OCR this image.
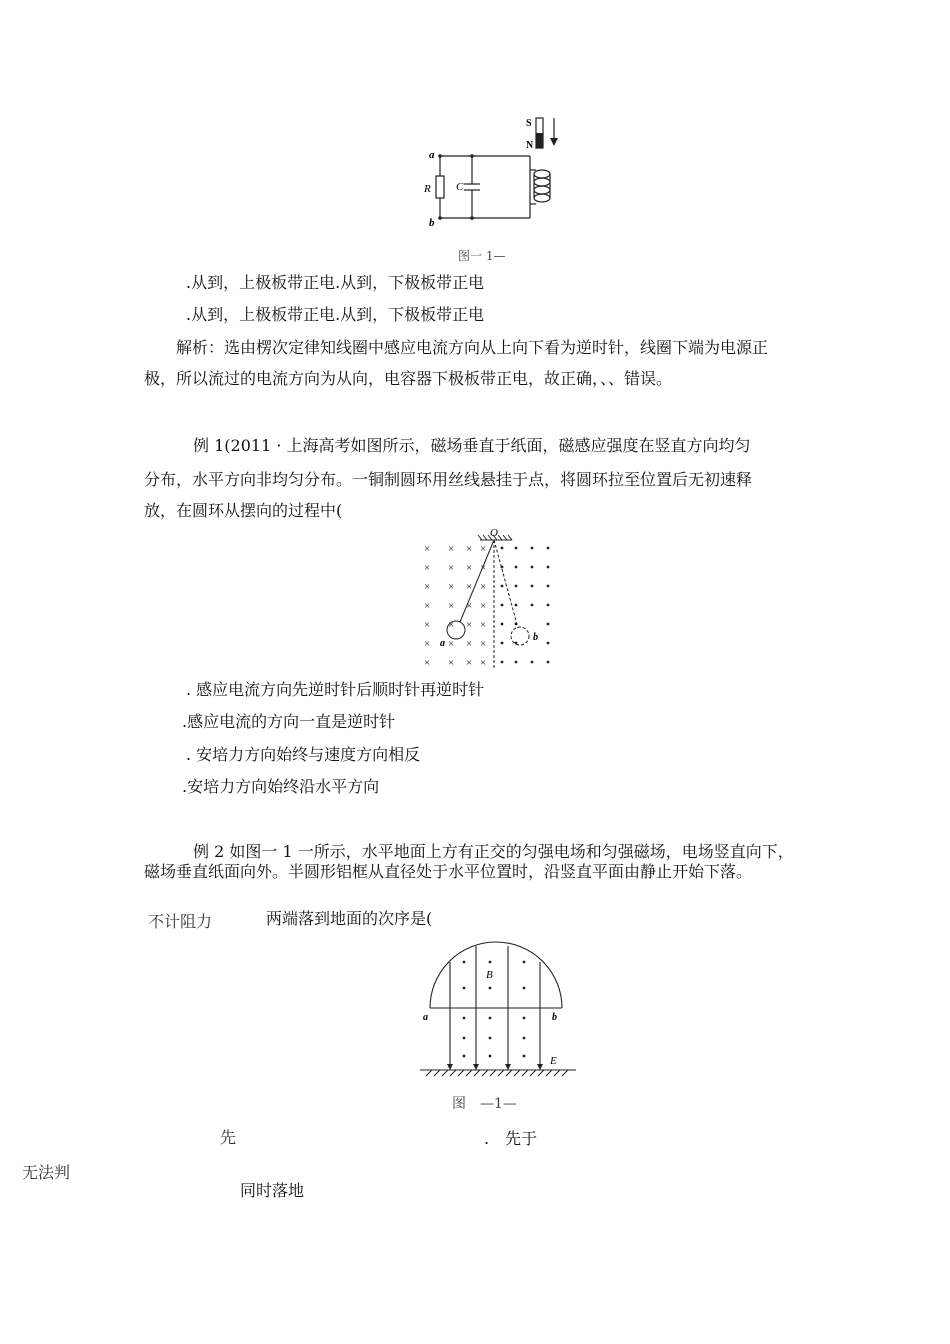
a
b
R C
S
N
图一 1—
.从到，上极板带正电.从到，下极板带正电
.从到，上极板带正电.从到，下极板带正电
解析：选由楞次定律知线圈中感应电流方向从上向下看为逆时针，线圈下端为电源正
极，所以流过的电流方向为从向，电容器下极板带正电，故正确，、、错误。
例 1(2011 · 上海高考如图所示，磁场垂直于纸面，磁感应强度在竖直方向均匀
分布，水平方向非均匀分布。一铜制圆环用丝线悬挂于点，将圆环拉至位置后无初速释
放，在圆环从摆向的过程中(
× × × ×
× × × ×
× × × ×
× × × ×
× × × ×
× × × ×
× × × ×
O
a
b
. 感应电流方向先逆时针后顺时针再逆时针
.感应电流的方向一直是逆时针
. 安培力方向始终与速度方向相反
.安培力方向始终沿水平方向
例 2 如图一 1 一所示，水平地面上方有正交的匀强电场和匀强磁场，电场竖直向下，
磁场垂直纸面向外。半圆形铝框从直径处于水平位置时，沿竖直平面由静止开始下落。
不计阻力	两端落到地面的次序是(
B
a	b
E
图　—1—
先	.　先于
无法判
同时落地
